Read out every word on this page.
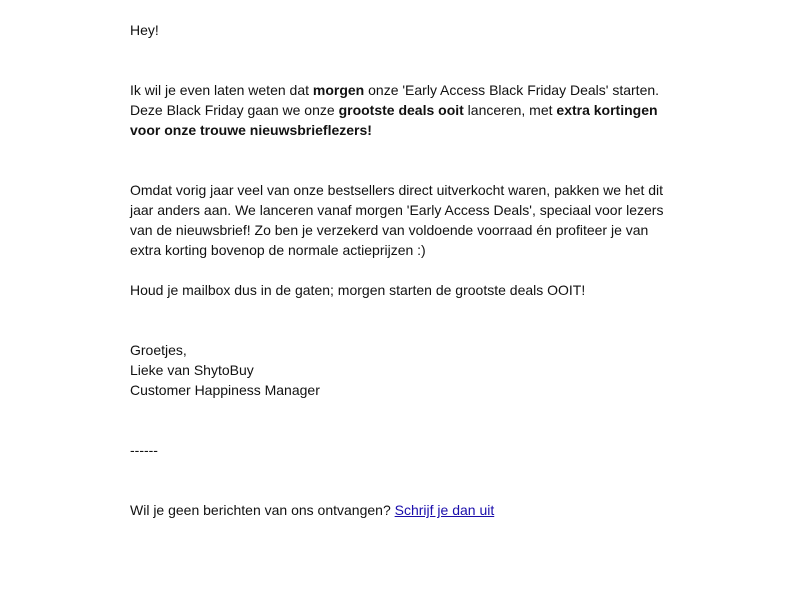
Hey!

Ik wil je even laten weten dat morgen onze 'Early Access Black Friday Deals' starten. Deze Black Friday gaan we onze grootste deals ooit lanceren, met extra kortingen voor onze trouwe nieuwsbrieflezers!

Omdat vorig jaar veel van onze bestsellers direct uitverkocht waren, pakken we het dit jaar anders aan. We lanceren vanaf morgen 'Early Access Deals', speciaal voor lezers van de nieuwsbrief! Zo ben je verzekerd van voldoende voorraad én profiteer je van extra korting bovenop de normale actieprijzen :)

Houd je mailbox dus in de gaten; morgen starten de grootste deals OOIT!

Groetjes,

Lieke van ShytoBuy

Customer Happiness Manager

------

Wil je geen berichten van ons ontvangen? Schrijf je dan uit
